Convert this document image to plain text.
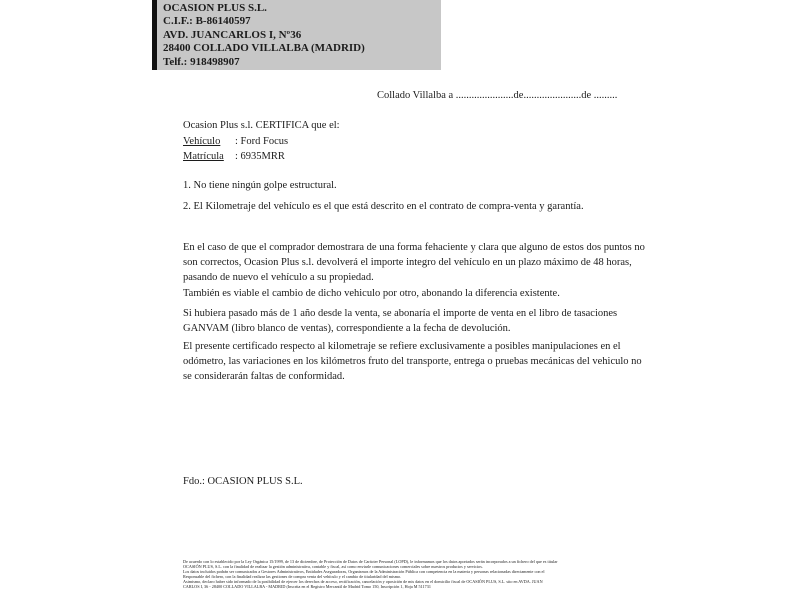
OCASION PLUS S.L.
C.I.F.: B-86140597
AVD. JUANCARLOS I, Nº36
28400 COLLADO VILLALBA (MADRID)
Telf.: 918498907
Collado Villalba a ......................de......................de .........
Ocasion Plus s.l. CERTIFICA que el:
Vehículo : Ford Focus
Matrícula : 6935MRR
1. No tiene ningún golpe estructural.
2. El Kilometraje del vehículo es el que está descrito en el contrato de compra-venta y garantía.
En el caso de que el comprador demostrara de una forma fehaciente y clara que alguno de estos dos puntos no
son correctos, Ocasion Plus s.l. devolverá el importe integro del vehículo en un plazo máximo de 48 horas,
pasando de nuevo el vehículo a su propiedad.
También es viable el cambio de dicho vehiculo por otro, abonando la diferencia existente.
Si hubiera pasado más de 1 año desde la venta, se abonaría el importe de venta en el libro de tasaciones
GANVAM (libro blanco de ventas), correspondiente a la fecha de devolución.
El presente certificado respecto al kilometraje se refiere exclusivamente a posibles manipulaciones en el
odómetro, las variaciones en los kilómetros fruto del transporte, entrega o pruebas mecánicas del vehiculo no
se considerarán faltas de conformidad.
Fdo.: OCASION PLUS S.L.
De acuerdo con lo establecido por la Ley Orgánica 15/1999, de 13 de diciembre, de Protección de Datos de Carácter Personal (LOPD), le informamos que los datos aportados serán incorporados a un fichero del que es titular
OCASIÓN PLUS, S.L. con la finalidad de realizar la gestión administrativa, contable y fiscal, así como enviarle comunicaciones comerciales sobre nuestros productos y servicios.
Los datos incluidos podrán ser comunicados a Gestores Administrativos, Entidades Aseguradoras, Organismos de la Administración Pública con competencia en la materia y personas relacionadas directamente con el
Responsable del fichero, con la finalidad realizar las gestiones de compra venta del vehículo y el cambio de titularidad del mismo.
Asimismo, declaro haber sido informado de la posibilidad de ejercer los derechos de acceso, rectificación, cancelación y oposición de mis datos en el domicilio fiscal de OCASIÓN PLUS, S.L. sito en AVDA. JUAN
CARLOS I, 36 - 28400 COLLADO VILLALBA - MADRID (Inscrita en el Registro Mercantil de Madrid Tomo 150, Inscripción 1, Hoja M 511731
